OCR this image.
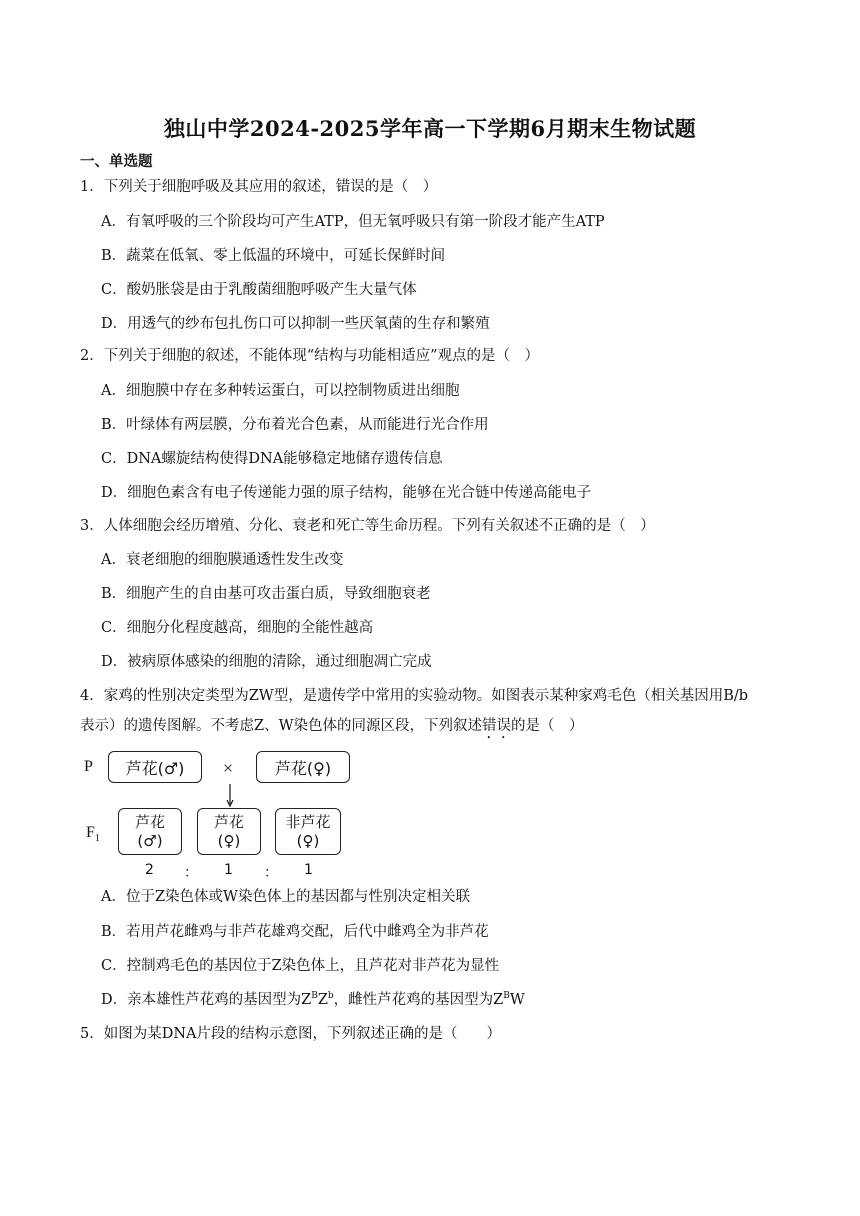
独山中学2024-2025学年高一下学期6月期末生物试题
一、单选题
1．下列关于细胞呼吸及其应用的叙述，错误的是（　）
A．有氧呼吸的三个阶段均可产生ATP，但无氧呼吸只有第一阶段才能产生ATP
B．蔬菜在低氧、零上低温的环境中，可延长保鲜时间
C．酸奶胀袋是由于乳酸菌细胞呼吸产生大量气体
D．用透气的纱布包扎伤口可以抑制一些厌氧菌的生存和繁殖
2．下列关于细胞的叙述，不能体现“结构与功能相适应”观点的是（　）
A．细胞膜中存在多种转运蛋白，可以控制物质进出细胞
B．叶绿体有两层膜，分布着光合色素，从而能进行光合作用
C．DNA螺旋结构使得DNA能够稳定地储存遗传信息
D．细胞色素含有电子传递能力强的原子结构，能够在光合链中传递高能电子
3．人体细胞会经历增殖、分化、衰老和死亡等生命历程。下列有关叙述不正确的是（　）
A．衰老细胞的细胞膜通透性发生改变
B．细胞产生的自由基可攻击蛋白质，导致细胞衰老
C．细胞分化程度越高，细胞的全能性越高
D．被病原体感染的细胞的清除，通过细胞凋亡完成
4．家鸡的性别决定类型为ZW型，是遗传学中常用的实验动物。如图表示某种家鸡毛色（相关基因用B/b
表示）的遗传图解。不考虑Z、W染色体的同源区段，下列叙述错误的是（　）
P	芦花(♂)	×	芦花(♀)
$F_1$
芦花
(♂)
芦花
(♀)
非芦花
(♀)
2 ： 1 ： 1
A．位于Z染色体或W染色体上的基因都与性别决定相关联
B．若用芦花雌鸡与非芦花雄鸡交配，后代中雌鸡全为非芦花
C．控制鸡毛色的基因位于Z染色体上，且芦花对非芦花为显性
D．亲本雄性芦花鸡的基因型为$Z^BZ^b$，雌性芦花鸡的基因型为$Z^BW$
5．如图为某DNA片段的结构示意图，下列叙述正确的是（　　）
